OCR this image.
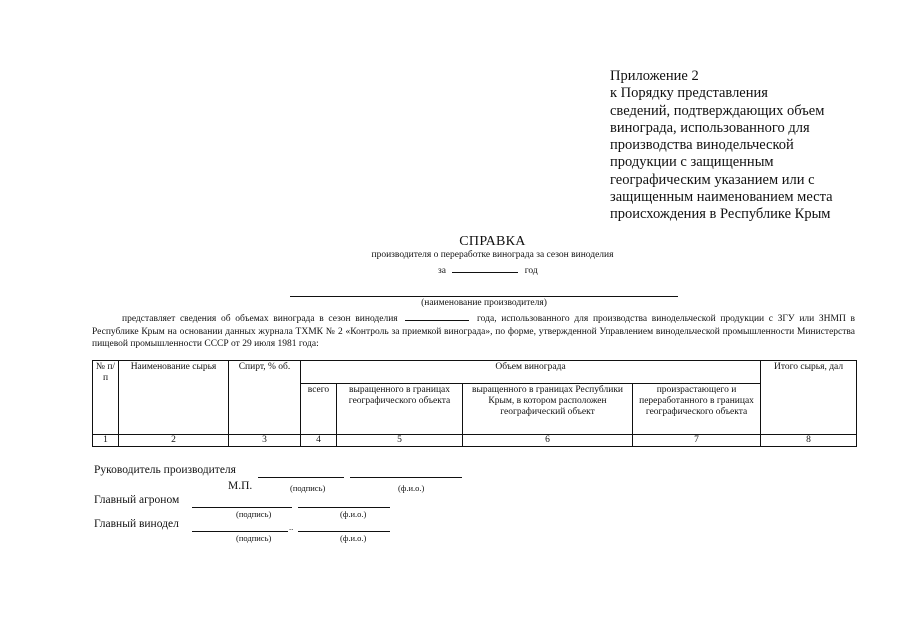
Приложение 2
к Порядку представления
сведений, подтверждающих объем
винограда, использованного для
производства винодельческой
продукции с защищенным
географическим указанием или с
защищенным наименованием места
происхождения в Республике Крым
СПРАВКА
производителя о переработке винограда за сезон виноделия
за	год
(наименование производителя)
представляет сведения об объемах винограда в сезон виноделия	года, использованного для производства винодельческой продукции с ЗГУ или ЗНМП в Республике Крым на основании данных журнала ТХМК № 2 «Контроль за приемкой винограда», по форме, утвержденной Управлением винодельческой промышленности Министерства пищевой промышленности СССР от 29 июля 1981 года:
№ п/п	Наименование сырья	Спирт, % об.	Объем винограда				Итого сырья, дал
			всего	выращенного в границах географического объекта	выращенного в границах Республики Крым, в котором расположен географический объект	произрастающего и переработанного в границах географического объекта	
1	2	3	4	5	6	7	8
Руководитель производителя
М.П.	(подпись)	(ф.и.о.)
Главный агроном
(подпись)	(ф.и.о.)
Главный винодел	..
(подпись)	(ф.и.о.)
